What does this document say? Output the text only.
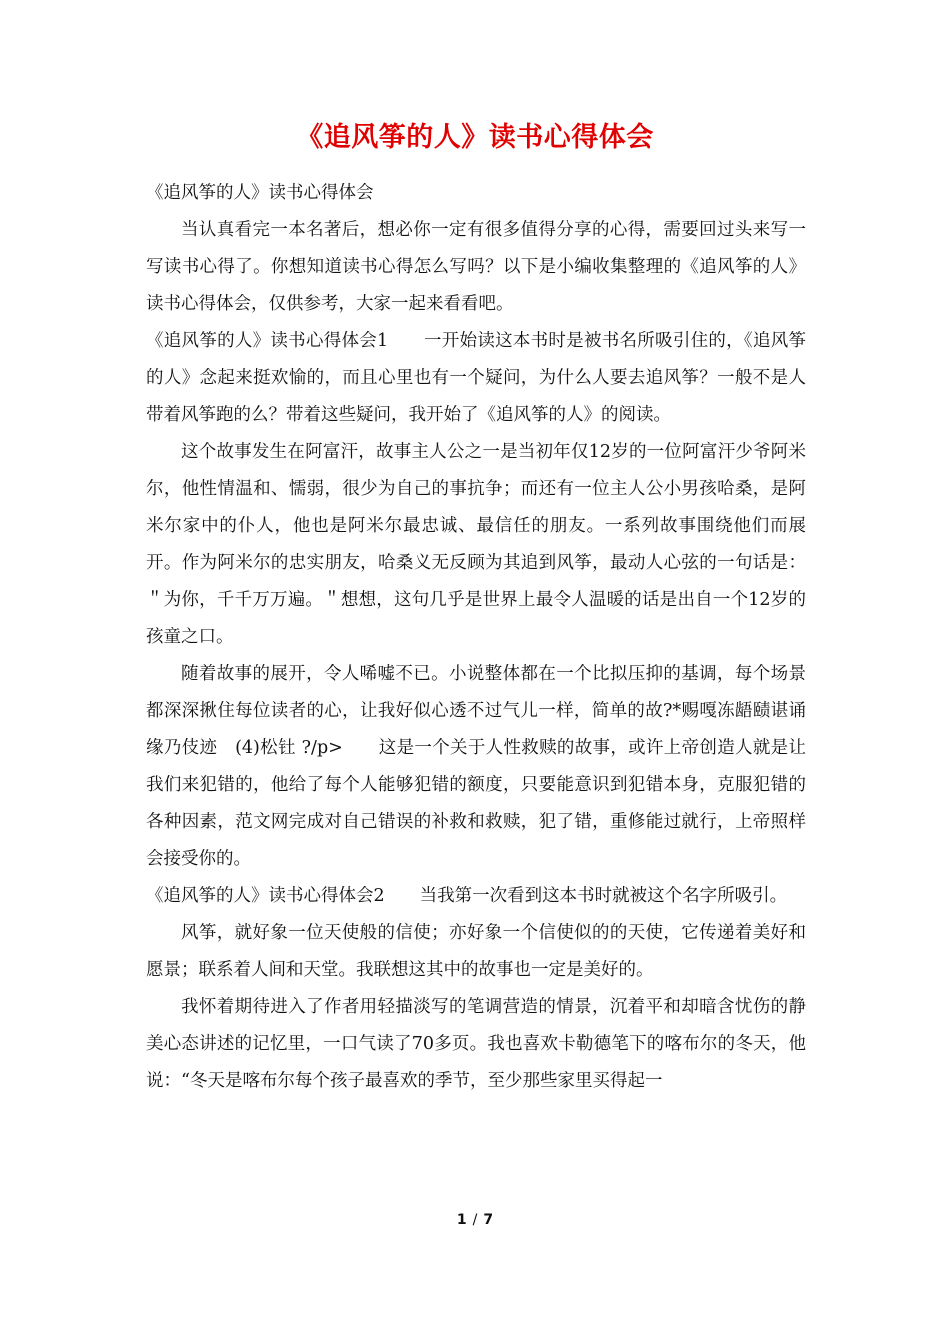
《追风筝的人》读书心得体会

《追风筝的人》读书心得体会

当认真看完一本名著后，想必你一定有很多值得分享的心得，需要回过头来写一写读书心得了。你想知道读书心得怎么写吗？以下是小编收集整理的《追风筝的人》读书心得体会，仅供参考，大家一起来看看吧。

《追风筝的人》读书心得体会1　　一开始读这本书时是被书名所吸引住的，《追风筝的人》念起来挺欢愉的，而且心里也有一个疑问，为什么人要去追风筝？一般不是人带着风筝跑的么？带着这些疑问，我开始了《追风筝的人》的阅读。

这个故事发生在阿富汗，故事主人公之一是当初年仅12岁的一位阿富汗少爷阿米尔，他性情温和、懦弱，很少为自己的事抗争；而还有一位主人公小男孩哈桑，是阿米尔家中的仆人，他也是阿米尔最忠诚、最信任的朋友。一系列故事围绕他们而展开。作为阿米尔的忠实朋友，哈桑义无反顾为其追到风筝，最动人心弦的一句话是：＂为你，千千万万遍。＂想想，这句几乎是世界上最令人温暖的话是出自一个12岁的孩童之口。

随着故事的展开，令人唏嘘不已。小说整体都在一个比拟压抑的基调，每个场景都深深揪住每位读者的心，让我好似心透不过气儿一样，简单的故?*赐嘎冻龉赜谌诵缘乃伎迹　(4)松钍 ?/p>　　这是一个关于人性救赎的故事，或许上帝创造人就是让我们来犯错的，他给了每个人能够犯错的额度，只要能意识到犯错本身，克服犯错的各种因素，范文网完成对自己错误的补救和救赎，犯了错，重修能过就行，上帝照样会接受你的。

《追风筝的人》读书心得体会2　　当我第一次看到这本书时就被这个名字所吸引。

风筝，就好象一位天使般的信使；亦好象一个信使似的的天使，它传递着美好和愿景；联系着人间和天堂。我联想这其中的故事也一定是美好的。

我怀着期待进入了作者用轻描淡写的笔调营造的情景，沉着平和却暗含忧伤的静美心态讲述的记忆里，一口气读了70多页。我也喜欢卡勒德笔下的喀布尔的冬天，他说：“冬天是喀布尔每个孩子最喜欢的季节，至少那些家里买得起一

1 / 7
